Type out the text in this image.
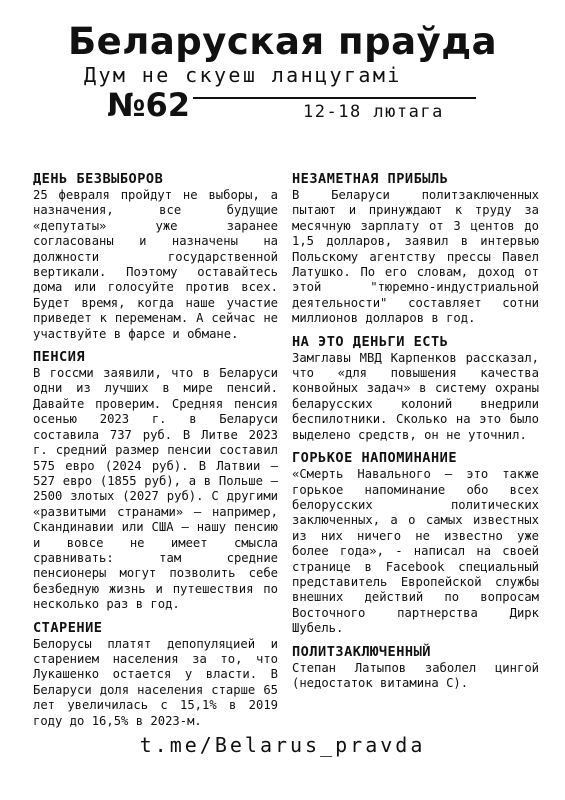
Беларуская праўда
Дум не скуеш ланцугамі
№62	12-18 лютага
ДЕНЬ БЕЗВЫБОРОВ

25 февраля пройдут не выборы, а назначения, все будущие «депутаты» уже заранее согласованы и назначены на должности государственной вертикали. Поэтому оставайтесь дома или голосуйте против всех. Будет время, когда наше участие приведет к переменам. А сейчас не участвуйте в фарсе и обмане.

ПЕНСИЯ

В госсми заявили, что в Беларуси одни из лучших в мире пенсий. Давайте проверим. Средняя пенсия осенью 2023 г. в Беларуси составила 737 руб. В Литве 2023 г. средний размер пенсии составил 575 евро (2024 руб). В Латвии — 527 евро (1855 руб), а в Польше — 2500 злотых (2027 руб). С другими «развитыми странами» — например, Скандинавии или США — нашу пенсию и вовсе не имеет смысла сравнивать: там средние пенсионеры могут позволить себе безбедную жизнь и путешествия по несколько раз в год.

СТАРЕНИЕ

Белорусы платят депопуляцией и старением населения за то, что Лукашенко остается у власти. В Беларуси доля населения старше 65 лет увеличилась с 15,1% в 2019 году до 16,5% в 2023-м.

НЕЗАМЕТНАЯ ПРИБЫЛЬ

В Беларуси политзаключенных пытают и принуждают к труду за месячную зарплату от 3 центов до 1,5 долларов, заявил в интервью Польскому агентству прессы Павел Латушко. По его словам, доход от этой "тюремно-индустриальной деятельности" составляет сотни миллионов долларов в год.

НА ЭТО ДЕНЬГИ ЕСТЬ

Замглавы МВД Карпенков рассказал, что «для повышения качества конвойных задач» в систему охраны беларусских колоний внедрили беспилотники. Сколько на это было выделено средств, он не уточнил.

ГОРЬКОЕ НАПОМИНАНИЕ

«Смерть Навального – это также горькое напоминание обо всех белорусских политических заключенных, а о самых известных из них ничего не известно уже более года», - написал на своей странице в Facebook специальный представитель Европейской службы внешних действий по вопросам Восточного партнерства Дирк Шубель.

ПОЛИТЗАКЛЮЧЕННЫЙ

Степан Латыпов заболел цингой (недостаток витамина С).

t.me/Belarus_pravda
